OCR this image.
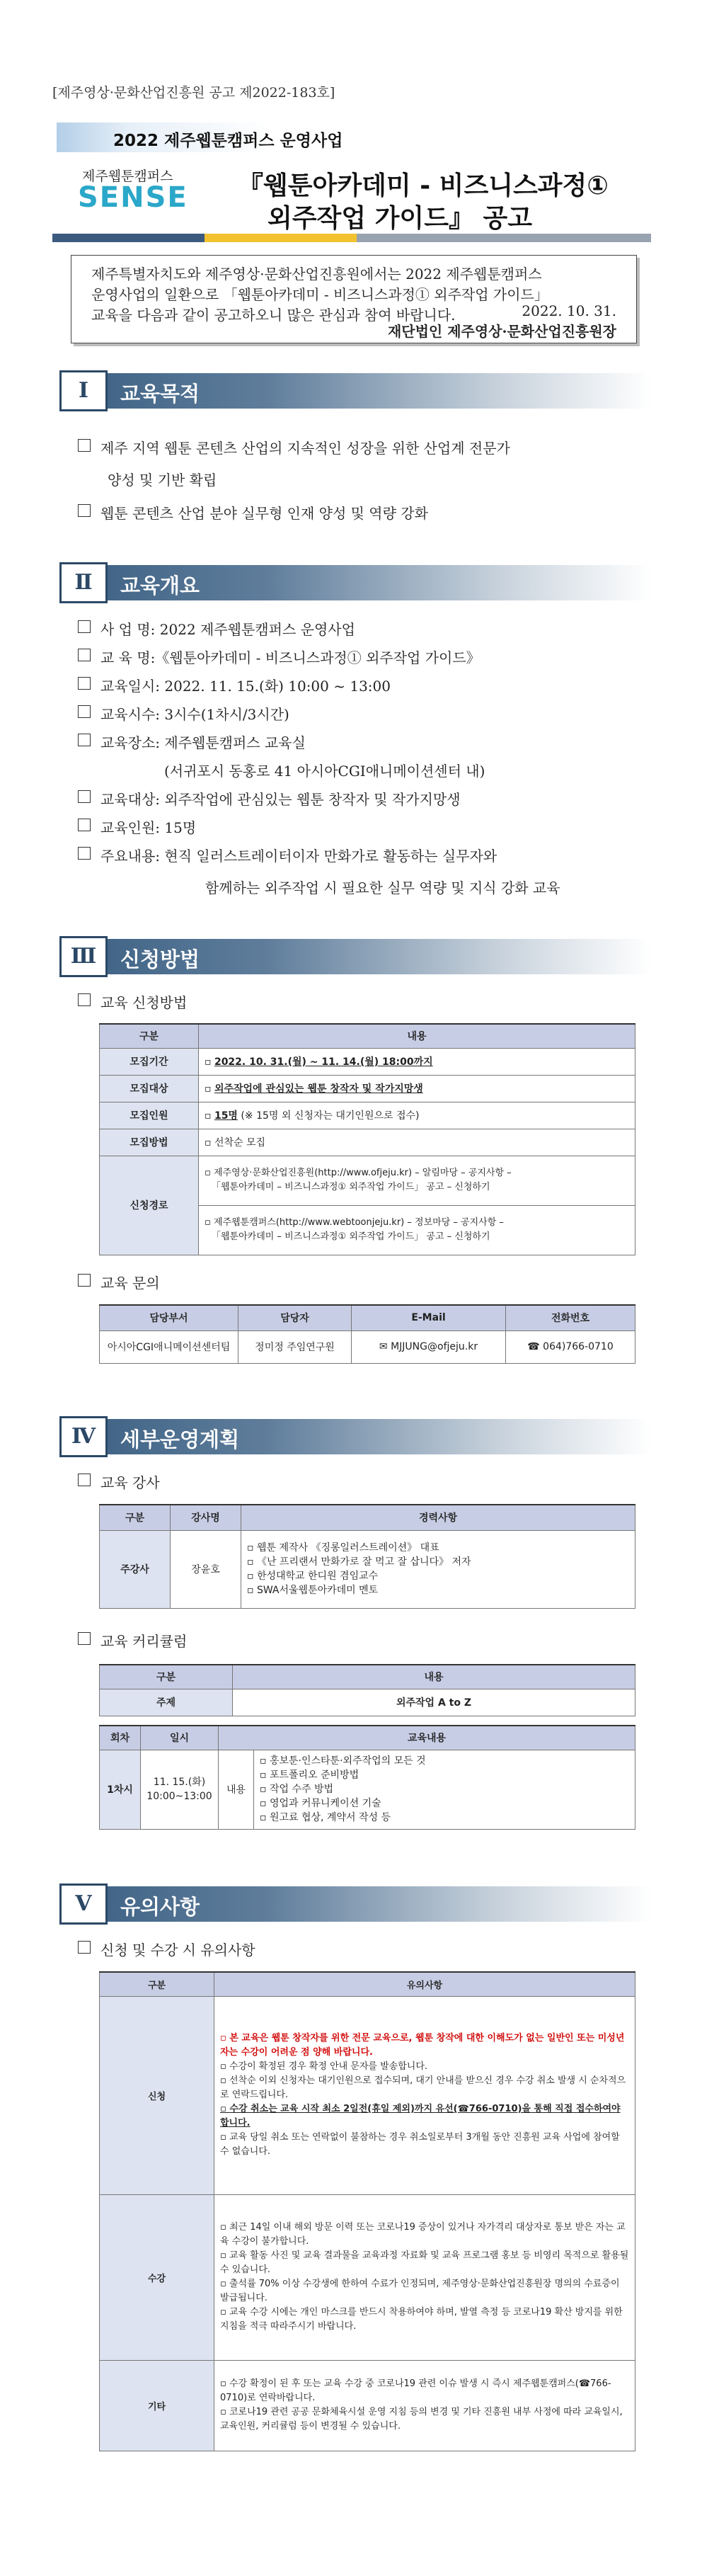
[제주영상·문화산업진흥원 공고 제2022-183호]
2022 제주웹툰캠퍼스 운영사업
제주웹툰캠퍼스
SENSE 『웹툰아카데미 - 비즈니스과정①
외주작업 가이드』 공고
제주특별자치도와 제주영상·문화산업진흥원에서는 2022 제주웹툰캠퍼스
운영사업의 일환으로 「웹툰아카데미 - 비즈니스과정① 외주작업 가이드」
교육을 다음과 같이 공고하오니 많은 관심과 참여 바랍니다.	2022. 10. 31.
재단법인 제주영상·문화산업진흥원장
Ⅰ	교육목적
제주 지역 웹툰 콘텐츠 산업의 지속적인 성장을 위한 산업계 전문가
양성 및 기반 확립
웹툰 콘텐츠 산업 분야 실무형 인재 양성 및 역량 강화
Ⅱ	교육개요
사 업 명: 2022 제주웹툰캠퍼스 운영사업
교 육 명:《웹툰아카데미 - 비즈니스과정① 외주작업 가이드》
교육일시: 2022. 11. 15.(화) 10:00 ~ 13:00
교육시수: 3시수(1차시/3시간)
교육장소: 제주웹툰캠퍼스 교육실
(서귀포시 동홍로 41 아시아CGI애니메이션센터 내)
교육대상: 외주작업에 관심있는 웹툰 창작자 및 작가지망생
교육인원: 15명
주요내용: 현직 일러스트레이터이자 만화가로 활동하는 실무자와
함께하는 외주작업 시 필요한 실무 역량 및 지식 강화 교육
Ⅲ	신청방법
교육 신청방법
구분	내용
모집기간	▫ 2022. 10. 31.(월) ~ 11. 14.(월) 18:00까지
모집대상	▫ 외주작업에 관심있는 웹툰 창작자 및 작가지망생
모집인원	▫ 15명 (※ 15명 외 신청자는 대기인원으로 접수)
모집방법	▫ 선착순 모집
신청경로	▫ 제주영상·문화산업진흥원(http://www.ofjeju.kr) – 알림마당 – 공지사항 –
「웹툰아카데미 – 비즈니스과정① 외주작업 가이드」 공고 – 신청하기

	▫ 제주웹툰캠퍼스(http://www.webtoonjeju.kr) – 정보마당 – 공지사항 –
「웹툰아카데미 – 비즈니스과정① 외주작업 가이드」 공고 – 신청하기
교육 문의
담당부서	담당자	E-Mail	전화번호
아시아CGI애니메이션센터팀	정미정 주임연구원	✉ MJJUNG@ofjeju.kr	☎ 064)766-0710
Ⅳ	세부운영계획
교육 강사
구분	강사명	경력사항
주강사	장윤호	▫ 웹툰 제작사 《징롱일러스트레이션》 대표
▫ 《난 프리랜서 만화가로 잘 먹고 잘 삽니다》 저자
▫ 한성대학교 한디원 겸임교수
▫ SWA서울웹툰아카데미 멘토
교육 커리큘럼
구분	내용
주제	외주작업 A to Z
회차	일시	교육내용	
1차시	11. 15.(화)
10:00~13:00	내용	▫ 홍보툰·인스타툰·외주작업의 모든 것
▫ 포트폴리오 준비방법
▫ 작업 수주 방법
▫ 영업과 커뮤니케이션 기술
▫ 원고료 협상, 계약서 작성 등
Ⅴ	유의사항
신청 및 수강 시 유의사항
구분	유의사항
신청	▫ 본 교육은 웹툰 창작자를 위한 전문 교육으로, 웹툰 창작에 대한 이해도가 없는 일반인 또는 미성년자는 수강이 어려운 점 양해 바랍니다.
▫ 수강이 확정된 경우 확정 안내 문자를 발송합니다.
▫ 선착순 이외 신청자는 대기인원으로 접수되며, 대기 안내를 받으신 경우 수강 취소 발생 시 순차적으로 연락드립니다.
▫ 수강 취소는 교육 시작 최소 2일전(휴일 제외)까지 유선(☎766-0710)을 통해 직접 접수하여야 합니다.
▫ 교육 당일 취소 또는 연락없이 불참하는 경우 취소일로부터 3개월 동안 진흥원 교육 사업에 참여할 수 없습니다.

수강	▫ 최근 14일 이내 해외 방문 이력 또는 코로나19 증상이 있거나 자가격리 대상자로 통보 받은 자는 교육 수강이 불가합니다.
▫ 교육 활동 사진 및 교육 결과물을 교육과정 자료화 및 교육 프로그램 홍보 등 비영리 목적으로 활용될 수 있습니다.
▫ 출석률 70% 이상 수강생에 한하여 수료가 인정되며, 제주영상·문화산업진흥원장 명의의 수료증이 발급됩니다.
▫ 교육 수강 시에는 개인 마스크를 반드시 착용하여야 하며, 발열 측정 등 코로나19 확산 방지를 위한 지침을 적극 따라주시기 바랍니다.

기타	▫ 수강 확정이 된 후 또는 교육 수강 중 코로나19 관련 이슈 발생 시 즉시 제주웹툰캠퍼스(☎766-0710)로 연락바랍니다.
▫ 코로나19 관련 공공 문화체육시설 운영 지침 등의 변경 및 기타 진흥원 내부 사정에 따라 교육일시, 교육인원, 커리큘럼 등이 변경될 수 있습니다.
